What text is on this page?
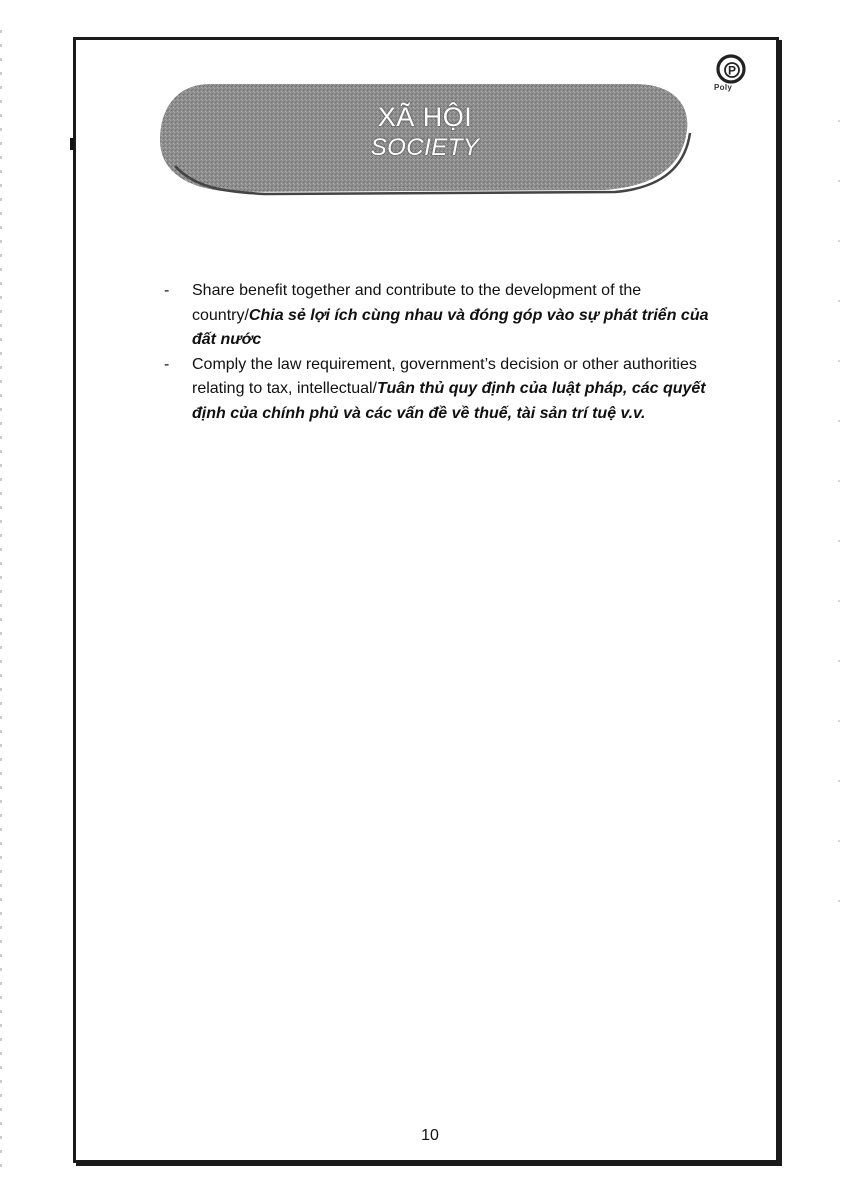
P
Poly
XÃ HỘI
SOCIETY
- Share benefit together and contribute to the development of the country/Chia sẻ lợi ích cùng nhau và đóng góp vào sự phát triển của đất nước
- Comply the law requirement, government’s decision or other authorities relating to tax, intellectual/Tuân thủ quy định của luật pháp, các quyết định của chính phủ và các vấn đề về thuế, tài sản trí tuệ v.v.
10
